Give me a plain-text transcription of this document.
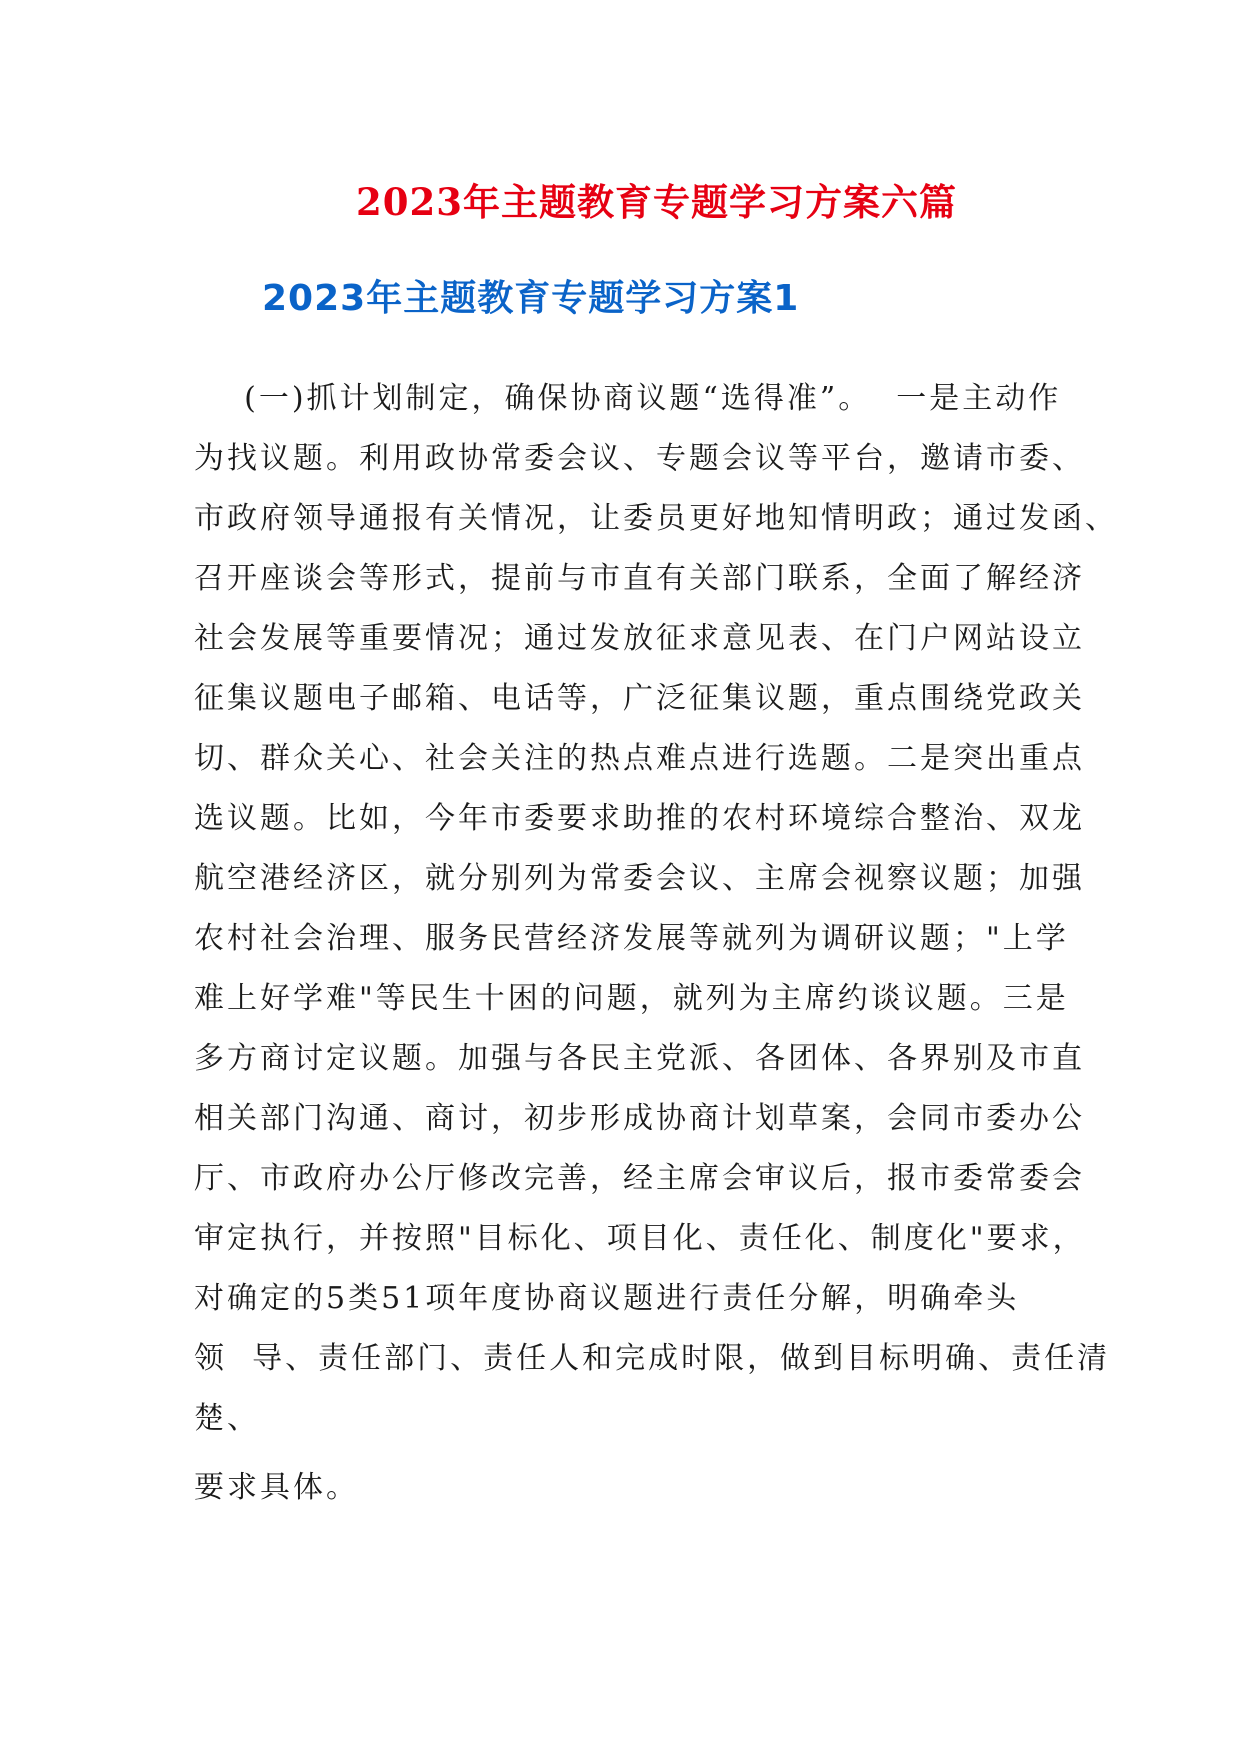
2023年主题教育专题学习方案六篇
2023年主题教育专题学习方案1
(一)抓计划制定，确保协商议题“选得准”。  一是主动作
为找议题。利用政协常委会议、专题会议等平台，邀请市委、
市政府领导通报有关情况，让委员更好地知情明政；通过发函、
召开座谈会等形式，提前与市直有关部门联系，全面了解经济
社会发展等重要情况；通过发放征求意见表、在门户网站设立
征集议题电子邮箱、电话等，广泛征集议题，重点围绕党政关
切、群众关心、社会关注的热点难点进行选题。二是突出重点
选议题。比如，今年市委要求助推的农村环境综合整治、双龙
航空港经济区，就分别列为常委会议、主席会视察议题；加强
农村社会治理、服务民营经济发展等就列为调研议题；"上学
难上好学难"等民生十困的问题，就列为主席约谈议题。三是
多方商讨定议题。加强与各民主党派、各团体、各界别及市直
相关部门沟通、商讨，初步形成协商计划草案，会同市委办公
厅、市政府办公厅修改完善，经主席会审议后，报市委常委会
审定执行，并按照"目标化、项目化、责任化、制度化"要求，
对确定的5类51项年度协商议题进行责任分解，明确牵头
领  导、责任部门、责任人和完成时限，做到目标明确、责任清
楚、
要求具体。
